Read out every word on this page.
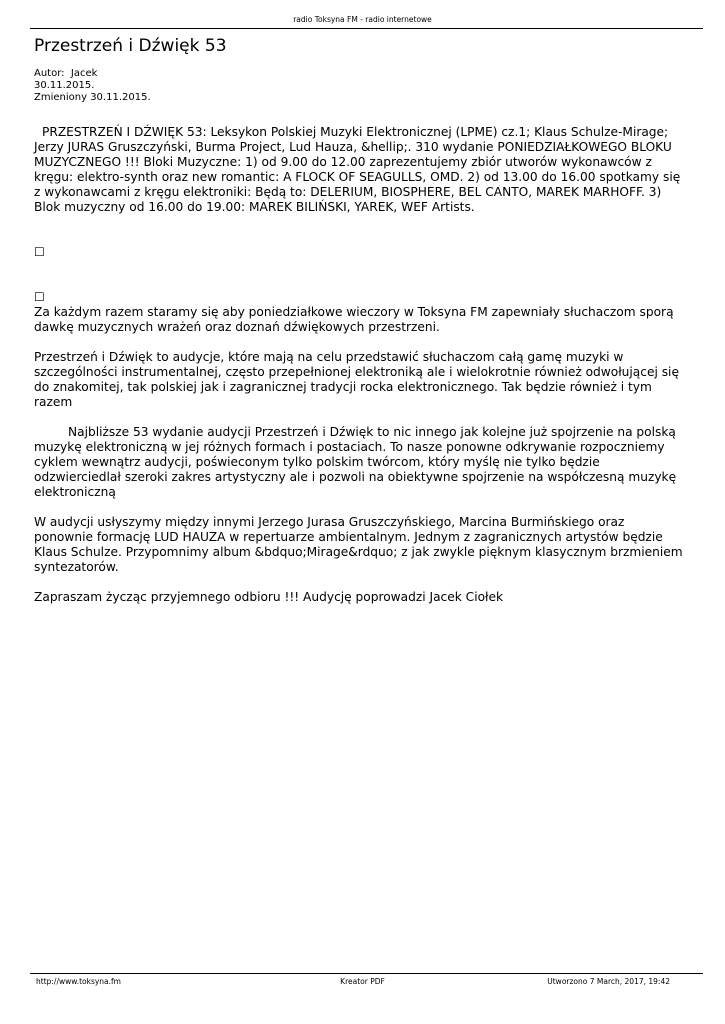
radio Toksyna FM - radio internetowe
Przestrzeń i Dźwięk 53
Autor:  Jacek
30.11.2015.
Zmieniony 30.11.2015.

PRZESTRZEŃ I DŹWIĘK 53: Leksykon Polskiej Muzyki Elektronicznej (LPME) cz.1; Klaus Schulze-Mirage; Jerzy JURAS Gruszczyński, Burma Project, Lud Hauza, &hellip;. 310 wydanie PONIEDZIAŁKOWEGO BLOKU MUZYCZNEGO !!! Bloki Muzyczne: 1) od 9.00 do 12.00 zaprezentujemy zbiór utworów wykonawców z kręgu: elektro-synth oraz new romantic: A FLOCK OF SEAGULLS, OMD. 2) od 13.00 do 16.00 spotkamy się z wykonawcami z kręgu elektroniki: Będą to: DELERIUM, BIOSPHERE, BEL CANTO, MAREK MARHOFF. 3) Blok muzyczny od 16.00 do 19.00: MAREK BILIŃSKI, YAREK, WEF Artists.

☐
☐

Za każdym razem staramy się aby poniedziałkowe wieczory w Toksyna FM zapewniały słuchaczom sporą dawkę muzycznych wrażeń oraz doznań dźwiękowych przestrzeni.

Przestrzeń i Dźwięk to audycje, które mają na celu przedstawić słuchaczom całą gamę muzyki w szczególności instrumentalnej, często przepełnionej elektroniką ale i wielokrotnie również odwołującej się do znakomitej, tak polskiej jak i zagranicznej tradycji rocka elektronicznego. Tak będzie również i tym razem

Najbliższe 53 wydanie audycji Przestrzeń i Dźwięk to nic innego jak kolejne już spojrzenie na polską muzykę elektroniczną w jej różnych formach i postaciach. To nasze ponowne odkrywanie rozpoczniemy cyklem wewnątrz audycji, poświeconym tylko polskim twórcom, który myślę nie tylko będzie odzwierciedlał szeroki zakres artystyczny ale i pozwoli na obiektywne spojrzenie na współczesną muzykę elektroniczną

W audycji usłyszymy między innymi Jerzego Jurasa Gruszczyńskiego, Marcina Burmińskiego oraz ponownie formację LUD HAUZA w repertuarze ambientalnym. Jednym z zagranicznych artystów będzie Klaus Schulze. Przypomnimy album &bdquo;Mirage&rdquo; z jak zwykle pięknym klasycznym brzmieniem syntezatorów.

Zapraszam życząc przyjemnego odbioru !!! Audycję poprowadzi Jacek Ciołek

http://www.toksyna.fm	Kreator PDF	Utworzono 7 March, 2017, 19:42
